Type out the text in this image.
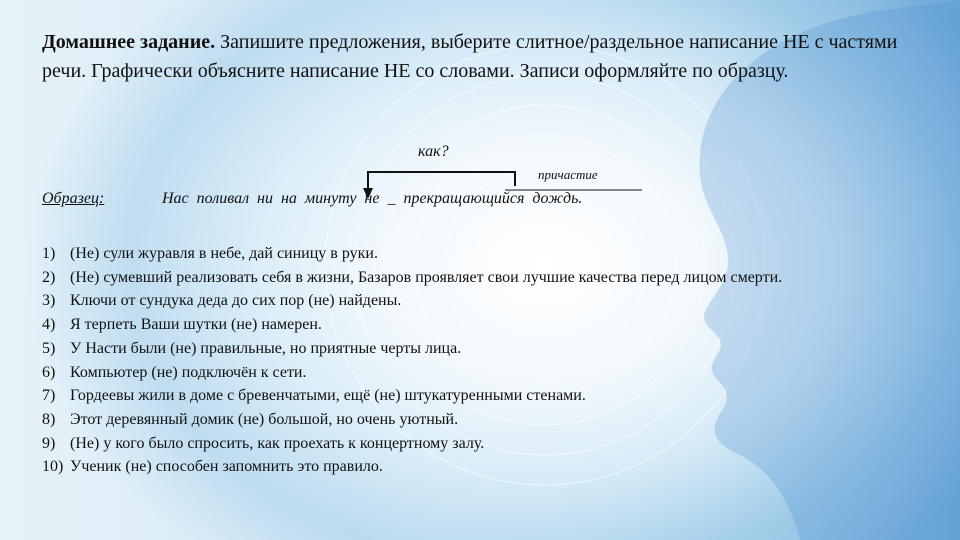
Домашнее задание. Запишите предложения, выберите слитное/раздельное написание НЕ с частями речи. Графически объясните написание НЕ со словами. Записи оформляйте по образцу.
как?
причастие
Образец:	Нас поливал ни на минуту не _ прекращающийся дождь.
1) (Не) сули журавля в небе, дай синицу в руки.
2) (Не) сумевший реализовать себя в жизни, Базаров проявляет свои лучшие качества перед лицом смерти.
3) Ключи от сундука деда до сих пор (не) найдены.
4) Я терпеть Ваши шутки (не) намерен.
5) У Насти были (не) правильные, но приятные черты лица.
6) Компьютер (не) подключён к сети.
7) Гордеевы жили в доме с бревенчатыми, ещё (не) штукатуренными стенами.
8) Этот деревянный домик (не) большой, но очень уютный.
9) (Не) у кого было спросить, как проехать к концертному залу.
10) Ученик (не) способен запомнить это правило.
